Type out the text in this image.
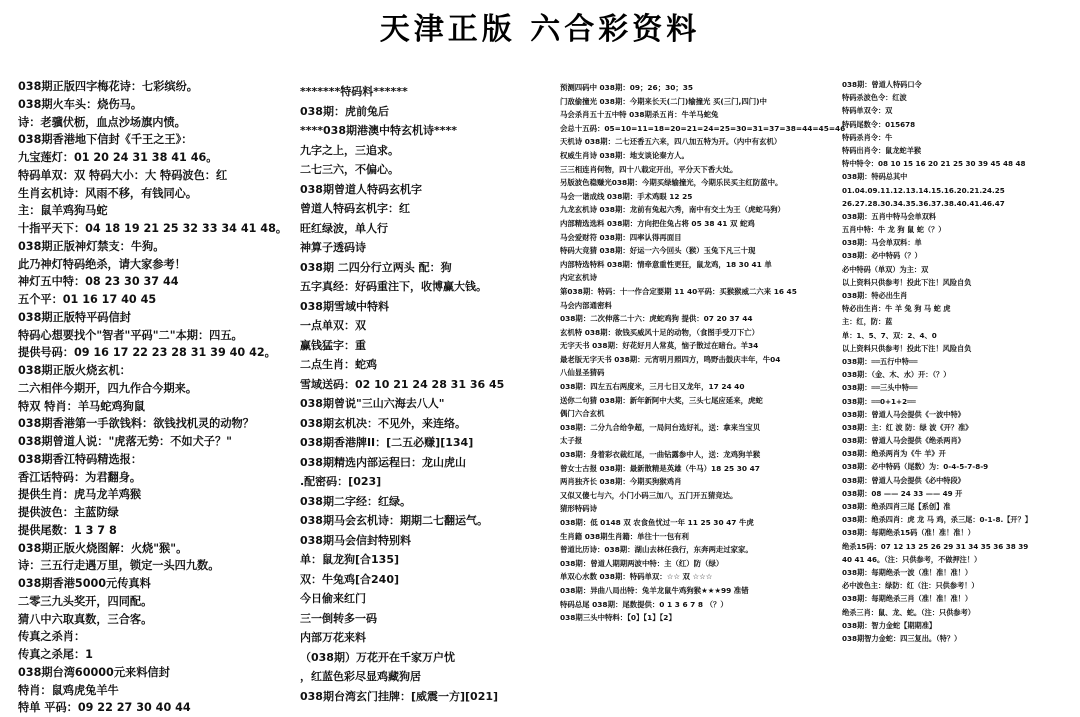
天津正版 六合彩资料
038期正版四字梅花诗：七彩缤纷。
038期火车头：烧伤马。
诗：老骥伏枥，血点沙场旗内愤。
038期香港地下信封《千王之王》：
九宝莲灯：01 20 24 31 38 41 46。
特码单双：双 特码大小：大 特码波色：红
生肖玄机诗：风雨不移，有钱同心。
主：鼠羊鸡狗马蛇
十指平天下：04 18 19 21 25 32 33 34 41 48。
038期正版神灯禁支：牛狗。
此乃神灯特码绝杀，请大家参考！
神灯五中特：08 23 30 37 44
五个平：01 16 17 40 45
038期正版特平码信封
特码心想要找个"智者"平码"二"本期：四五。
提供号码：09 16 17 22 23 28 31 39 40 42。
038期正版火烧玄机：
二六相伴今期开，四九作合今期来。
特双 特肖：羊马蛇鸡狗鼠
038期香港第一手欲钱料：欲钱找机灵的动物？
038期曾道人说："虎落无势：不如犬子？"
038期香江特码精选报：
香江话特码：为君翻身。
提供生肖：虎马龙羊鸡猴
提供波色：主蓝防绿
提供尾数：1 3 7 8
038期正版火烧图解：火烧"猴"。
诗：三五行走遇万里，锁定一头四九数。
038期香港5000元传真料
二零三九头奖开，四同配。
猜八中六取真数，三合客。
传真之杀肖：
传真之杀尾：1
038期台湾60000元来料信封
特肖：鼠鸡虎兔羊牛
特单 平码：09 22 27 30 40 44
*******特码料******
038期：虎前兔后
****038期港澳中特玄机诗****
九字之上，三追求。
二七三六，不偏心。
038期曾道人特码玄机字
曾道人特码玄机字：红
旺红绿波，单人行
神算子透码诗
038期 二四分行立两头 配：狗
五字真经：好码重注下，收博赢大钱。
038期雪域中特料
一点单双：双
赢钱猛字：重
二点生肖：蛇鸡
雪域送码：02 10 21 24 28 31 36 45
038期曾说"三山六海去八人"
038期玄机决：不见外，来连络。
038期香港牌II：[二五必赚][134]
038期精选内部运程曰：龙山虎山
.配密码：[023]
038期二字经：红绿。
038期马会玄机诗：期期二七翻运气。
038期马会信封特别料
单：鼠龙狗[合135]
双：牛兔鸡[合240]
今日偷来红门
三一倒转多一码
内部万花来料
（038期）万花开在千家万户忧
，红蓝色彩尽显鸡藏狗居
038期台湾玄门挂牌：[威震一方][021]
预测四码中 038期：09；26；30；35
门敌偷撞光 038期：今期来长天(二门)输撞光 买(三门,四门)中
马会杀肖五十五中特 038期杀五肖：牛羊马蛇兔
会总十五码：05=10=11=18=20=21=24=25=30=31=37=38=44=45=46
天机诗 038期：二七还香五六来，四八加五特为开。（内中有玄机）
权威生肖诗 038期：地支谈论秦方人。
三三相连肖何物，四十八载定开出，平分天下香大处。
另版波色稳赚光038期：今期买绿输撞光，今期乐民买主红防蓝中。
马会一谐成线 038期：手术鸡眼 12 25
九龙玄机诗 038期：龙前有兔起六秀，南中有交土为王（虎蛇马狗）
内部精选选料 038期：方向把住兔占将 05 38 41 双 蛇鸡
马会爱财符 038期：四率认得再面目
特码大竞猜 038期：好运一六今回头（猴）玉兔下凡三十现
内部特选特料 038期：情牵意重性更狂，鼠龙鸡，18 30 41 单
内定玄机诗
第038期：特码：十一作合定要期 11 40平码：买猴猴威二六来 16 45
马会内部通密料
038期：二次伸落二十六：虎蛇鸡狗 提供：07 20 37 44
玄机特 038期：欲钱买威风十足的动物，（食图手受刀下亡）
无字天书 038期：好花好月人常莫，恼子散过在暗台。羊34
最老版无字天书 038期：元宵明月照四方，鸣野击鼓庆丰年，牛04
八仙显圣猜码
038期：四左五右两度米，三月七日又龙年，17 24 40
送你二句猜 038期：新年新阿中大奖，三头七尾应延来，虎蛇
偶门六合玄机
038期：二分九合给争超，一局问台选好礼，送：拿来当宝贝
太子报
038期：身着彩衣裁红尾，一曲钻露参中人，送：龙鸡狗羊猴
曾女士古报 038期：最新散精是英雄（牛马）18 25 30 47
两肖独齐长 038期：今期买狗猴鸡肖
又似又傻七与六，小门小码三加八，五门开五猜竞达。
猜形特码诗
038期：低 0148 双 农食鱼忧过一年 11 25 30 47 牛虎
生肖籍 038期生肖籍：单往十一包有利
曾道比历诗：038期：湖山去林任我行，东奔两走过家家。
038期：曾道人期期两波中特：主（红）防（绿）
单双心水数 038期：特码单双：☆☆ 双 ☆☆☆
038期：异曲八局出特：兔羊龙鼠牛鸡狗猴★★★99 准错
特码总尾 038期：尾数提供：0 1 3 6 7 8 （？）
038期三头中特料：【0】【1】【2】
038期：曾道人特码口令
特码杀波色令：红波
特码单双令：双
特码尾数令：015678
特码杀肖令：牛
特码出肖令：鼠龙蛇羊猴
特中特令：08 10 15 16 20 21 25 30 39 45 48 48
038期：特码总其中
01.04.09.11.12.13.14.15.16.20.21.24.25
26.27.28.30.34.35.36.37.38.40.41.46.47
038期：五肖中特马会单双料
五肖中特：牛 龙 狗 鼠 蛇（？）
038期：马会单双料：单
038期：必中特码（？）
必中特码（单双）为主：双
以上资料只供参考！投此下注！风险自负
038期：特必出生肖
特必出生肖：牛 羊 兔 狗 马 蛇 虎
主：红，防：蓝
单：1、5、7、双：2、4、0
以上资料只供参考！投此下注！风险自负
038期：══五行中特══
038期：（金、木、水）开：（？）
038期：══三头中特══
038期：══0+1+2══
038期：曾道人马会提供《一波中特》
038期：主：红 波 防：绿 波《开？准》
038期：曾道人马会提供《绝杀两肖》
038期：绝杀两肖为《牛 羊》开
038期：必中特码（尾数）为：0-4-5-7-8-9
038期：曾道人马会提供《必中特段》
038期：08 —— 24 33 —— 49 开
038期：绝杀四肖三尾【系创】准
038期：绝杀四肖：虎 龙 马 鸡，杀三尾：0-1-8.【开？】
038期：每期绝杀15码（准！准！准！）
绝杀15码：07 12 13 25 26 29 31 34 35 36 38 39
40 41 46。（注：只供参考，不做押注！）
038期：每期绝杀一波（准！准！准！）
必中波色主：绿防：红（注：只供参考！）
038期：每期绝杀三肖（准！准！准！）
绝杀三肖：鼠、龙、蛇。（注：只供参考）
038期：智力金蛇【期期准】
038期智力金蛇：四三复出。（特？）
